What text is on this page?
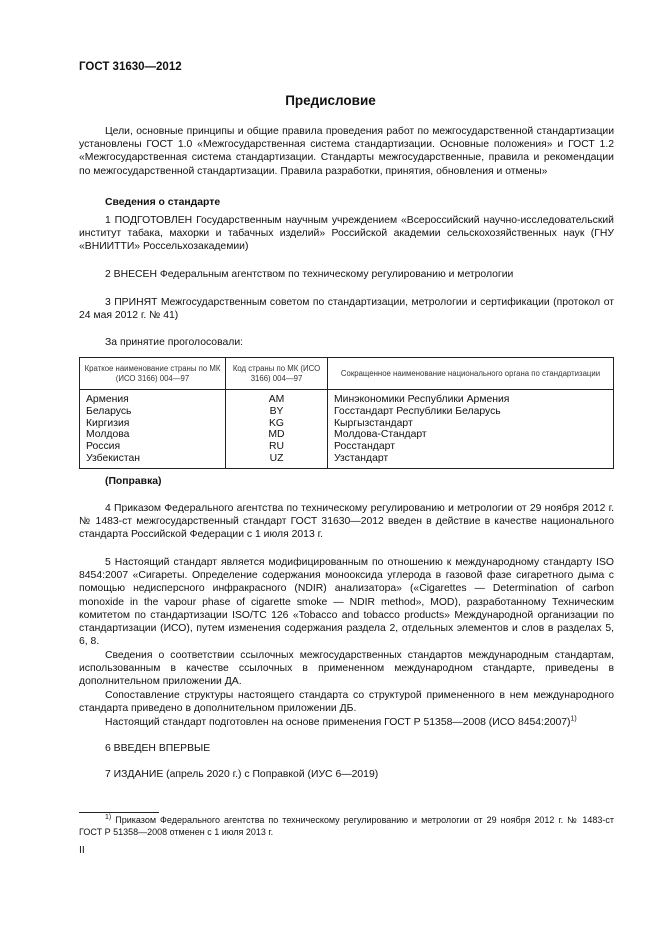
ГОСТ 31630—2012
Предисловие

Цели, основные принципы и общие правила проведения работ по межгосударственной стандартизации установлены ГОСТ 1.0 «Межгосударственная система стандартизации. Основные положения» и ГОСТ 1.2 «Межгосударственная система стандартизации. Стандарты межгосударственные, правила и рекомендации по межгосударственной стандартизации. Правила разработки, принятия, обновления и отмены»

Сведения о стандарте

1 ПОДГОТОВЛЕН Государственным научным учреждением «Всероссийский научно-исследовательский институт табака, махорки и табачных изделий» Российской академии сельскохозяйственных наук (ГНУ «ВНИИТТИ» Россельхозакадемии)

2 ВНЕСЕН Федеральным агентством по техническому регулированию и метрологии

3 ПРИНЯТ Межгосударственным советом по стандартизации, метрологии и сертификации (протокол от 24 мая 2012 г. № 41)

За принятие проголосовали:

Краткое наименование страны по МК (ИСО 3166) 004—97	Код страны по МК (ИСО 3166) 004—97	Сокращенное наименование национального органа по стандартизации
Армения	AM	Минэкономики Республики Армения
Беларусь	BY	Госстандарт Республики Беларусь
Киргизия	KG	Кыргызстандарт
Молдова	MD	Молдова-Стандарт
Россия	RU	Росстандарт
Узбекистан	UZ	Узстандарт

(Поправка)

4 Приказом Федерального агентства по техническому регулированию и метрологии от 29 ноября 2012 г. № 1483-ст межгосударственный стандарт ГОСТ 31630—2012 введен в действие в качестве национального стандарта Российской Федерации с 1 июля 2013 г.

5 Настоящий стандарт является модифицированным по отношению к международному стандарту ISO 8454:2007 «Сигареты. Определение содержания монооксида углерода в газовой фазе сигаретного дыма с помощью недисперсного инфракрасного (NDIR) анализатора» («Cigarettes — Determination of carbon monoxide in the vapour phase of cigarette smoke — NDIR method», MOD), разработанному Техническим комитетом по стандартизации ISO/TC 126 «Tobacco and tobacco products» Международной организации по стандартизации (ИСО), путем изменения содержания раздела 2, отдельных элементов и слов в разделах 5, 6, 8.

Сведения о соответствии ссылочных межгосударственных стандартов международным стандартам, использованным в качестве ссылочных в примененном международном стандарте, приведены в дополнительном приложении ДА.

Сопоставление структуры настоящего стандарта со структурой примененного в нем международного стандарта приведено в дополнительном приложении ДБ.

Настоящий стандарт подготовлен на основе применения ГОСТ Р 51358—2008 (ИСО 8454:2007)$^{1)}$

6 ВВЕДЕН ВПЕРВЫЕ

7 ИЗДАНИЕ (апрель 2020 г.) с Поправкой (ИУС 6—2019)

$^{1)}$ Приказом Федерального агентства по техническому регулированию и метрологии от 29 ноября 2012 г. № 1483-ст ГОСТ Р 51358—2008 отменен с 1 июля 2013 г.

II
